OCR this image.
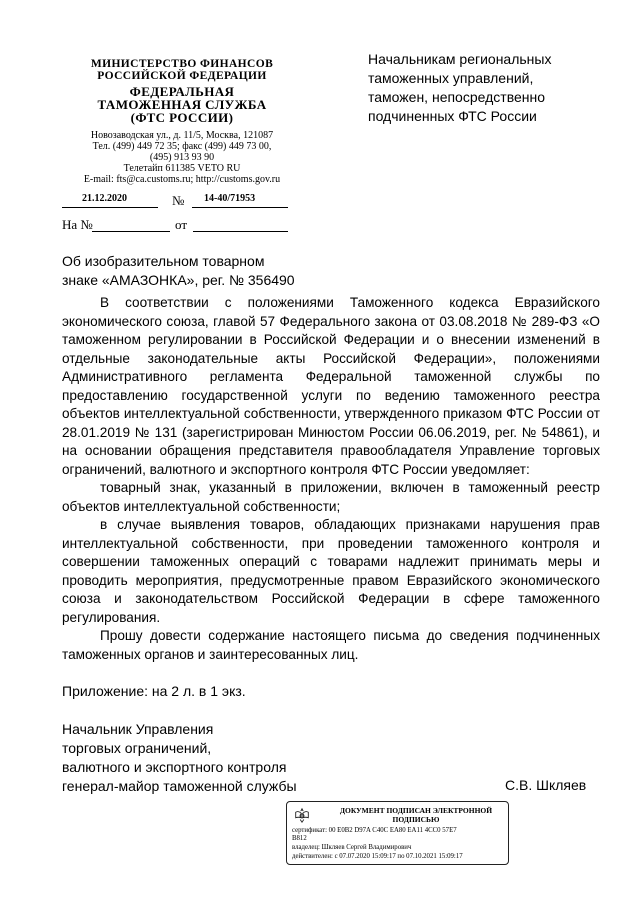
МИНИСТЕРСТВО ФИНАНСОВ
РОССИЙСКОЙ ФЕДЕРАЦИИ
ФЕДЕРАЛЬНАЯ
ТАМОЖЕННАЯ СЛУЖБА
(ФТС РОССИИ)
Новозаводская ул., д. 11/5, Москва, 121087
Тел. (499) 449 72 35; факс (499) 449 73 00,
(495) 913 93 90
Телетайп 611385 VETO RU
E-mail: fts@ca.customs.ru; http://customs.gov.ru
21.12.2020	№ 14-40/71953
На №	от
Начальникам региональных
таможенных управлений,
таможен, непосредственно
подчиненных ФТС России
Об изобразительном товарном
знаке «АМАЗОНКА», рег. № 356490

В соответствии с положениями Таможенного кодекса Евразийского экономического союза, главой 57 Федерального закона от 03.08.2018 № 289-ФЗ «О таможенном регулировании в Российской Федерации и о внесении изменений в отдельные законодательные акты Российской Федерации», положениями Административного регламента Федеральной таможенной службы по предоставлению государственной услуги по ведению таможенного реестра объектов интеллектуальной собственности, утвержденного приказом ФТС России от 28.01.2019 № 131 (зарегистрирован Минюстом России 06.06.2019, рег. № 54861), и на основании обращения представителя правообладателя Управление торговых ограничений, валютного и экспортного контроля ФТС России уведомляет:

товарный знак, указанный в приложении, включен в таможенный реестр объектов интеллектуальной собственности;

в случае выявления товаров, обладающих признаками нарушения прав интеллектуальной собственности, при проведении таможенного контроля и совершении таможенных операций с товарами надлежит принимать меры и проводить мероприятия, предусмотренные правом Евразийского экономического союза и законодательством Российской Федерации в сфере таможенного регулирования.

Прошу довести содержание настоящего письма до сведения подчиненных таможенных органов и заинтересованных лиц.

Приложение: на 2 л. в 1 экз.
Начальник Управления
торговых ограничений,
валютного и экспортного контроля
генерал-майор таможенной службы	С.В. Шкляев
ДОКУМЕНТ ПОДПИСАН ЭЛЕКТРОННОЙ
ПОДПИСЬЮ
сертификат: 00 E0B2 D97A C40C EA80 EA11 4CC0 57E7
B812
владелец: Шкляев Сергей Владимирович
действителен: с 07.07.2020 15:09:17 по 07.10.2021 15:09:17
